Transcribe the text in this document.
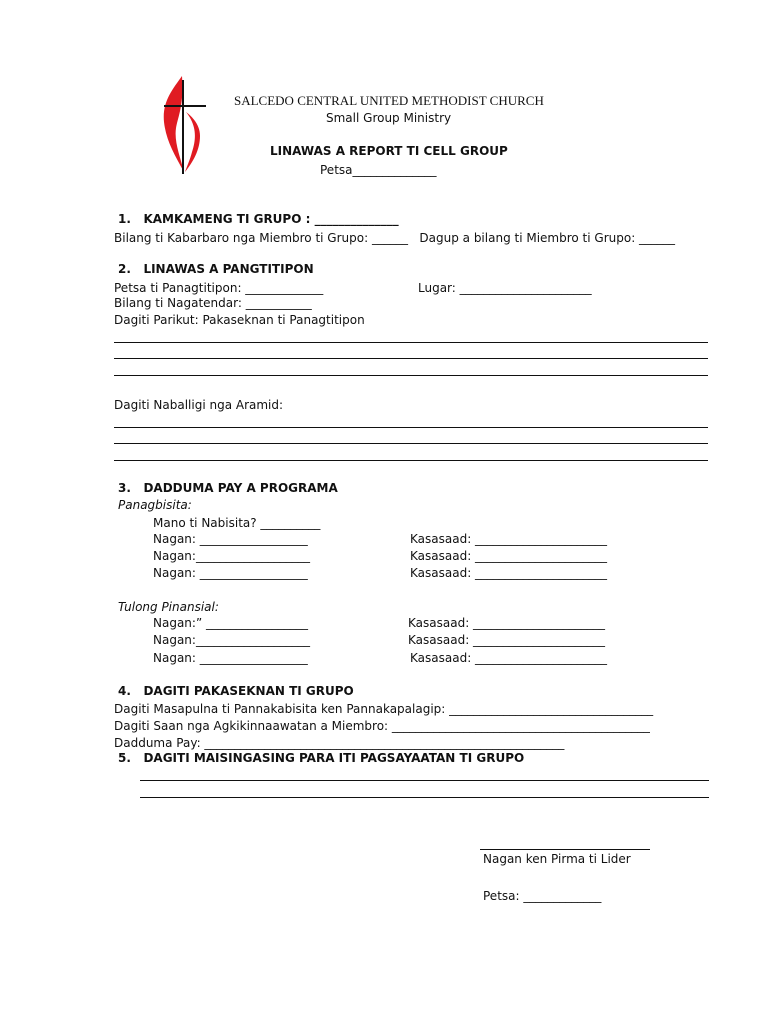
SALCEDO CENTRAL UNITED METHODIST CHURCH
Small Group Ministry
LINAWAS A REPORT TI CELL GROUP
Petsa______________
1.   KAMKAMENG TI GRUPO : ______________
Bilang ti Kabarbaro nga Miembro ti Grupo: ______   Dagup a bilang ti Miembro ti Grupo: ______
2.   LINAWAS A PANGTITIPON
Petsa ti Panagtitipon: _____________	Lugar: ______________________
Bilang ti Nagatendar: ___________
Dagiti Parikut: Pakaseknan ti Panagtitipon
Dagiti Naballigi nga Aramid:
3.   DADDUMA PAY A PROGRAMA
Panagbisita:
Mano ti Nabisita? __________
Nagan: __________________	Kasasaad: ______________________
Nagan:___________________	Kasasaad: ______________________
Nagan: __________________	Kasasaad: ______________________
Tulong Pinansial:
Nagan:” _________________	Kasasaad: ______________________
Nagan:___________________	Kasasaad: ______________________
Nagan: __________________	Kasasaad: ______________________
4.   DAGITI PAKASEKNAN TI GRUPO
Dagiti Masapulna ti Pannakabisita ken Pannakapalagip: __________________________________
Dagiti Saan nga Agkikinnaawatan a Miembro: ___________________________________________
Dadduma Pay: ____________________________________________________________
5.   DAGITI MAISINGASING PARA ITI PAGSAYAATAN TI GRUPO
Nagan ken Pirma ti Lider
Petsa: _____________
